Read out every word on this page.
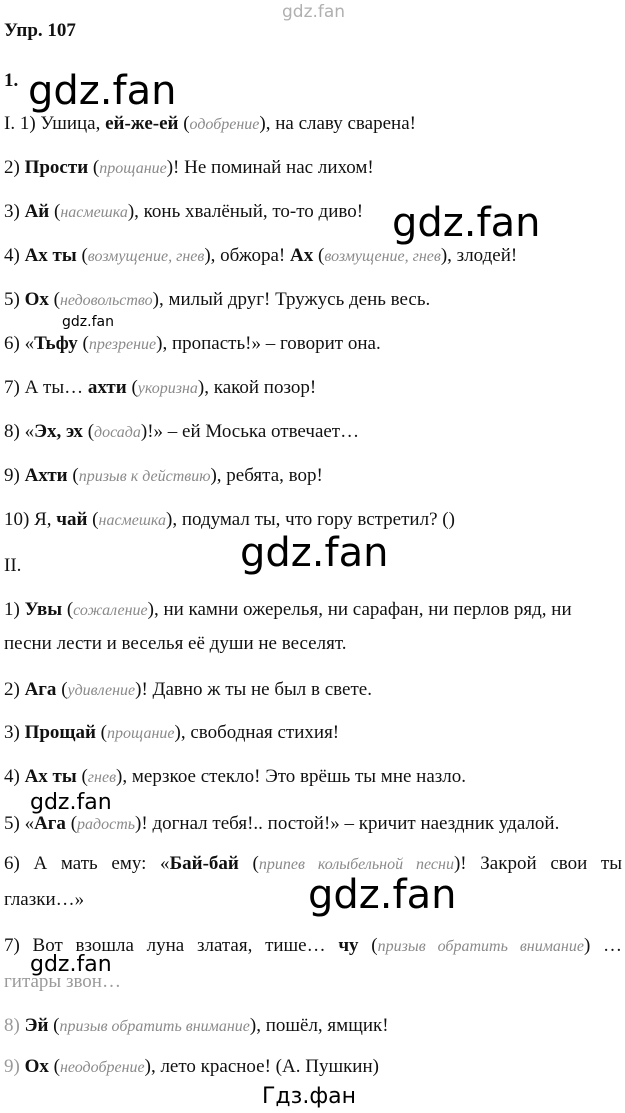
gdz.fan
Упр. 107
1. gdz.fan
I. 1) Ушица, ей-же-ей (одобрение), на славу сварена!
2) Прости (прощание)! Не поминай нас лихом!
3) Ай (насмешка), конь хвалёный, то-то диво! gdz.fan
4) Ах ты (возмущение, гнев), обжора! Ах (возмущение, гнев), злодей!
5) Ох (недовольство), милый друг! Тружусь день весь.
gdz.fan
6) «Тьфу (презрение), пропасть!» – говорит она.
7) А ты… ахти (укоризна), какой позор!
8) «Эх, эх (досада)!» – ей Моська отвечает…
9) Ахти (призыв к действию), ребята, вор!
10) Я, чай (насмешка), подумал ты, что гору встретил? ()
gdz.fan
II.
1) Увы (сожаление), ни камни ожерелья, ни сарафан, ни перлов ряд, ни
песни лести и веселья её души не веселят.
2) Ага (удивление)! Давно ж ты не был в свете.
3) Прощай (прощание), свободная стихия!
4) Ах ты (гнев), мерзкое стекло! Это врёшь ты мне назло.
gdz.fan
5) «Ага (радость)! догнал тебя!.. постой!» – кричит наездник удалой.
6) А мать ему: «Бай-бай (припев колыбельной песни)! Закрой свои ты
глазки…»	gdz.fan
7) Вот взошла луна златая, тише… чу (призыв обратить внимание) …
gdz.fan
гитары звон…
8) Эй (призыв обратить внимание), пошёл, ямщик!
9) Ох (неодобрение), лето красное! (А. Пушкин)
Гдз.фан
